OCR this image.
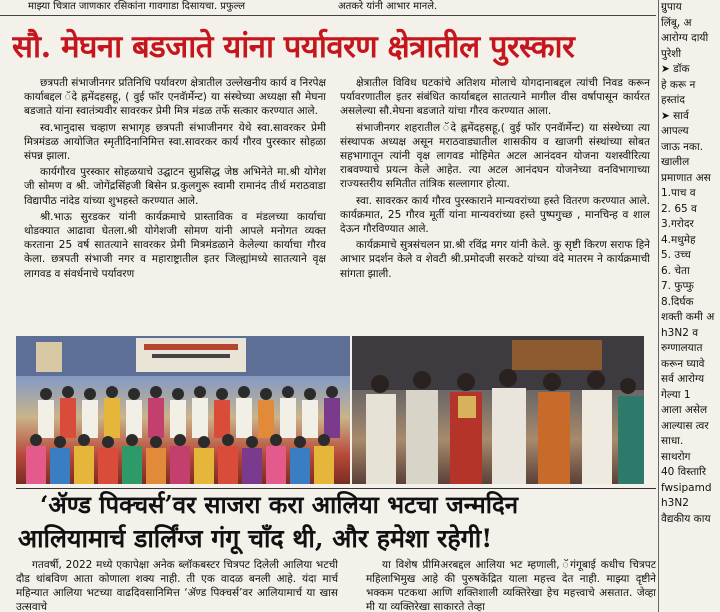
माझ्या चित्रात जाणकार रसिकांना गावगाडा दिसायचा. प्रफुल्ल	अतकरे यांनी आभार मानले.
सौ. मेघना बडजाते यांना पर्यावरण क्षेत्रातील पुरस्कार

छत्रपती संभाजीनगर प्रतिनिधि पर्यावरण क्षेत्रातील उल्लेखनीय कार्य व निरपेक्ष कार्याबद्दल ॅदे ह्नमेंदहसहू, ( वुई फॉर एनवॅार्मेन्ट) या संस्थेच्या अध्यक्षा सौ मेघना बडजाते यांना स्वातंत्र्यवीर सावरकर प्रेमी मित्र मंडळ तर्फे सत्कार करण्यात आले.

स्व.भानुदास चव्हाण सभागृह छत्रपती संभाजीनगर येथे स्वा.सावरकर प्रेमी मित्रमंडळ आयोजित स्मृतीदिनानिमित्त स्वा.सावरकर कार्य गौरव पुरस्कार सोहळा संपन्न झाला.

कार्यगौरव पुरस्कार सोहळयाचे उद्घाटन सुप्रसिद्ध जेष्ठ अभिनेते मा.श्री योगेश जी सोमण व श्री. जोगेंद्रसिंहजी बिसेन प्र.कुलगुरू स्वामी रामानंद तीर्थ मराठवाडा विद्यापीठ नांदेड यांच्या शुभहस्ते करण्यात आले.

श्री.भाऊ सुरडकर यांनी कार्यक्रमाचे प्रास्ताविक व मंडलच्या कार्याचा थोडक्यात आढावा घेतला.श्री योगेशजी सोमण यांनी आपले मनोगत व्यक्त करताना 25 वर्ष सातत्याने सावरकर प्रेमी मित्रमंडळाने केलेल्या कार्याचा गौरव केला. छत्रपती संभाजी नगर व महाराष्ट्रातील इतर जिल्ह्यांमध्ये सातत्याने वृक्ष लागवड व संवर्धनाचे पर्यावरण

क्षेत्रातील विविध घटकांचे अतिशय मोलाचे योगदानाबद्दल त्यांची निवड करून पर्यावरणातील इतर संबंधित कार्याबद्दल सातत्याने मागील वीस वर्षापासून कार्यरत असलेल्या सौ.मेघना बडजाते यांचा गौरव करण्यात आला.

संभाजीनगर शहरातील ॅदे ह्नमेंदहसहू,( वुई फॉर एनवॅार्मेन्ट) या संस्थेच्या त्या संस्थापक अध्यक्ष असून मराठवाड्यातील शासकीय व खाजगी संस्थांच्या सोबत सहभागातून त्यांनी वृक्ष लागवड मोहिमेत अटल आनंदवन योजना यशस्वीरित्या राबवण्याचे प्रयत्न केले आहेत. त्या अटल आनंदघन योजनेच्या वनविभागाच्या राज्यस्तरीय समितीत तांत्रिक सल्लागार होत्या.

स्वा. सावरकर कार्य गौरव पुरस्काराने मान्यवरांच्या हस्ते वितरण करण्यात आले. कार्यक्रमात, 25 गौरव मूर्ती यांना मान्यवरांच्या हस्ते पुष्पगुच्छ , मानचिन्ह व शाल देऊन गौरविण्यात आले.

कार्यक्रमाचे सुत्रसंचलन प्रा.श्री रविंद्र मगर यांनी केले. कु सृष्टी किरण सराफ हिने आभार प्रदर्शन केले व शेवटी श्री.प्रमोदजी सरकटे यांच्या वंदे मातरम ने कार्यक्रमाची सांगता झाली.

‘ॲण्ड पिक्चर्स’वर साजरा करा आलिया भटचा जन्मदिन
आलियामार्च डार्लिंग्ज गंगू चाँद थी, और हमेशा रहेगी!

गतवर्षी, 2022 मध्ये एकापेक्षा अनेक ब्लॉकबस्टर चित्रपट दिलेली आलिया भटची दौड थांबविण आता कोणाला शक्य नाही. ती एक वादळ बनली आहे. यंदा मार्च महिन्यात आलिया भटच्या वाढदिवसानिमित्त ‘ॲण्ड पिक्चर्स’वर आलियामार्च या खास उत्सवाचे

या विशेष प्रीमिअरबद्दल आलिया भट म्हणाली, ॅगंगूबाई कधीच चित्रपट महिलाभिमुख आहे की पुरुषकेंद्रित याला महत्त्व देत नाही. माझ्या दृष्टीने भक्कम पटकथा आणि शक्तिशाली व्यक्तिरेखा हेच महत्त्वाचे असतात. जेव्हा मी या व्यक्तिरेखा साकारते तेव्हा

ग्रुपाय
लिंबू, अ
आरोग्य दायी
पुरेशी
➤ डॉक
हे करू न
हस्तांद
➤ सार्व
आपल्य
जाऊ नका.
खालील
प्रमाणात अस
1.पाच व
2. 65 व
3.गरोदर
4.मधुमेह
5. उच्च
6. चेता
7. फुप्फु
8.दिर्घक
शक्ती कमी अ
h3N2 व
रुग्णालयात
करून घ्यावे
सर्व आरोग्य
गेल्या 1
आला असेल
आल्यास त्वर
साधा.
साथरोग
40 विस्तारि
fwsipamd
h3N2
वैद्यकीय काय
